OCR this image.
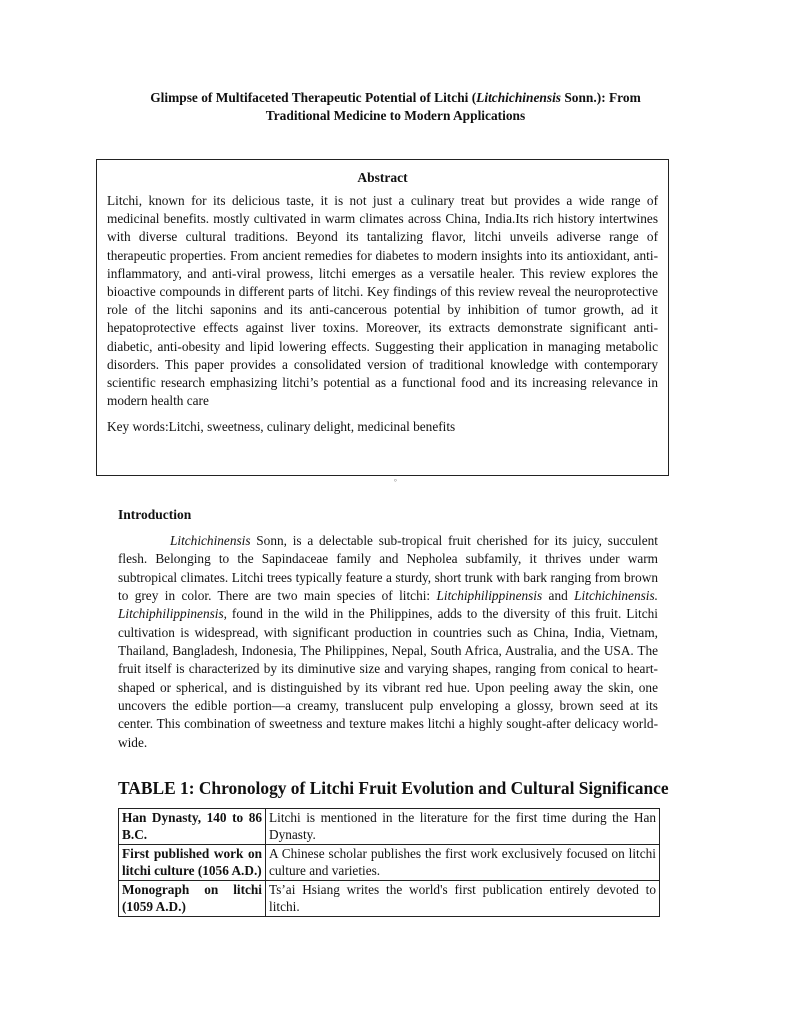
Glimpse of Multifaceted Therapeutic Potential of Litchi (Litchichinensis Sonn.): From
Traditional Medicine to Modern Applications
Abstract

Litchi, known for its delicious taste, it is not just a culinary treat but provides a wide range of medicinal benefits. mostly cultivated in warm climates across China, India.Its rich history intertwines with diverse cultural traditions. Beyond its tantalizing flavor, litchi unveils adiverse range of therapeutic properties. From ancient remedies for diabetes to modern insights into its antioxidant, anti-inflammatory, and anti-viral prowess, litchi emerges as a versatile healer. This review explores the bioactive compounds in different parts of litchi. Key findings of this review reveal the neuroprotective role of the litchi saponins and its anti-cancerous potential by inhibition of tumor growth, ad it hepatoprotective effects against liver toxins. Moreover, its extracts demonstrate significant anti-diabetic, anti-obesity and lipid lowering effects. Suggesting their application in managing metabolic disorders. This paper provides a consolidated version of traditional knowledge with contemporary scientific research emphasizing litchi’s potential as a functional food and its increasing relevance in modern health care

Key words:Litchi, sweetness, culinary delight, medicinal benefits

°
Introduction

Litchichinensis Sonn, is a delectable sub-tropical fruit cherished for its juicy, succulent flesh. Belonging to the Sapindaceae family and Nepholea subfamily, it thrives under warm subtropical climates. Litchi trees typically feature a sturdy, short trunk with bark ranging from brown to grey in color. There are two main species of litchi: Litchiphilippinensis and Litchichinensis. Litchiphilippinensis, found in the wild in the Philippines, adds to the diversity of this fruit. Litchi cultivation is widespread, with significant production in countries such as China, India, Vietnam, Thailand, Bangladesh, Indonesia, The Philippines, Nepal, South Africa, Australia, and the USA. The fruit itself is characterized by its diminutive size and varying shapes, ranging from conical to heart-shaped or spherical, and is distinguished by its vibrant red hue. Upon peeling away the skin, one uncovers the edible portion—a creamy, translucent pulp enveloping a glossy, brown seed at its center. This combination of sweetness and texture makes litchi a highly sought-after delicacy world-wide.

TABLE 1: Chronology of Litchi Fruit Evolution and Cultural Significance
Han Dynasty, 140 to 86 B.C.	Litchi is mentioned in the literature for the first time during the Han Dynasty.
First published work on litchi culture (1056 A.D.)	A Chinese scholar publishes the first work exclusively focused on litchi culture and varieties.
Monograph on litchi (1059 A.D.)	Ts’ai Hsiang writes the world's first publication entirely devoted to litchi.
